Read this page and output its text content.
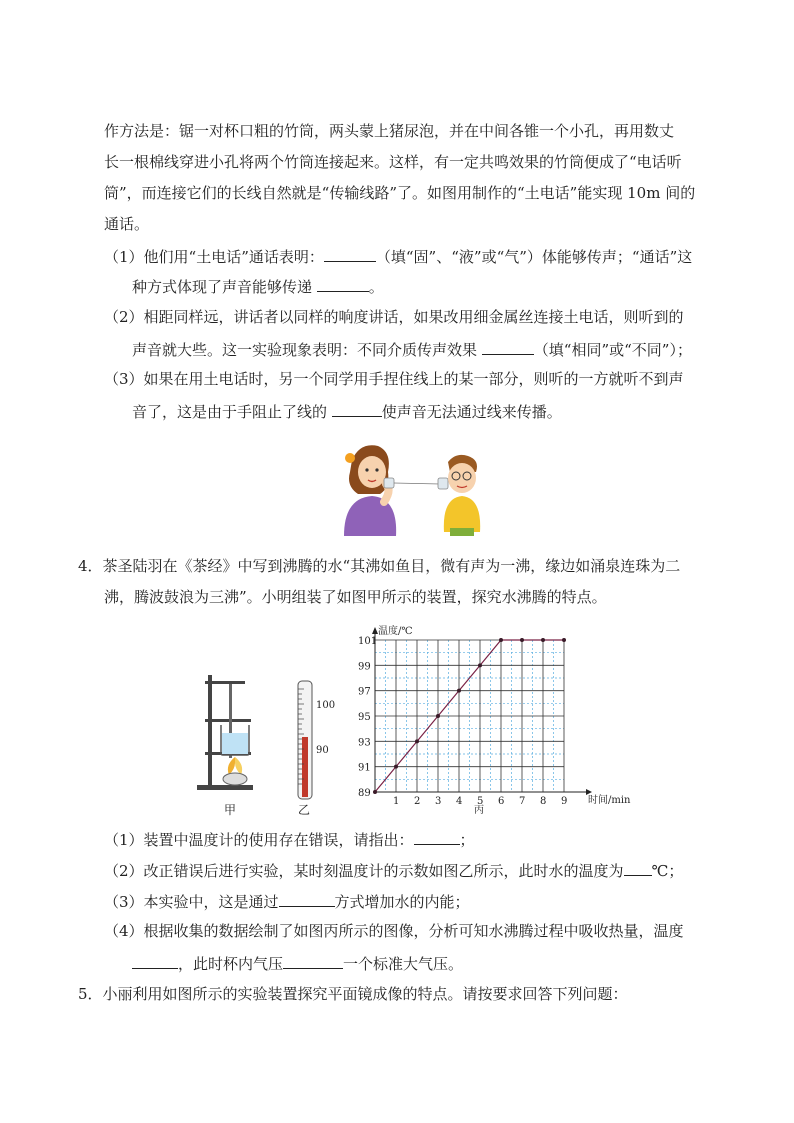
作方法是：锯一对杯口粗的竹筒，两头蒙上猪尿泡，并在中间各锥一个小孔，再用数丈
长一根棉线穿进小孔将两个竹筒连接起来。这样，有一定共鸣效果的竹筒便成了“电话听
筒”，而连接它们的长线自然就是“传输线路”了。如图用制作的“土电话”能实现 10m 间的
通话。
（1）他们用“土电话”通话表明：	（填“固”、“液”或“气”）体能够传声；“通话”这
种方式体现了声音能够传递	。
（2）相距同样远，讲话者以同样的响度讲话，如果改用细金属丝连接土电话，则听到的
声音就大些。这一实验现象表明：不同介质传声效果	（填“相同”或“不同”）；
（3）如果在用土电话时，另一个同学用手捏住线上的某一部分，则听的一方就听不到声
音了，这是由于手阻止了线的	使声音无法通过线来传播。
4．茶圣陆羽在《茶经》中写到沸腾的水“其沸如鱼目，微有声为一沸，缘边如涌泉连珠为二
沸，腾波鼓浪为三沸”。小明组装了如图甲所示的装置，探究水沸腾的特点。
甲
100
90
乙
1 2 3 4 5 6 7 8 9
89
91
93
95
97
99
101
温度/℃
时间/min
丙
（1）装置中温度计的使用存在错误，请指出：	；
（2）改正错误后进行实验，某时刻温度计的示数如图乙所示，此时水的温度为 ℃；
（3）本实验中，这是通过	方式增加水的内能；
（4）根据收集的数据绘制了如图丙所示的图像，分析可知水沸腾过程中吸收热量，温度
，此时杯内气压	一个标准大气压。
5．小丽利用如图所示的实验装置探究平面镜成像的特点。请按要求回答下列问题：
